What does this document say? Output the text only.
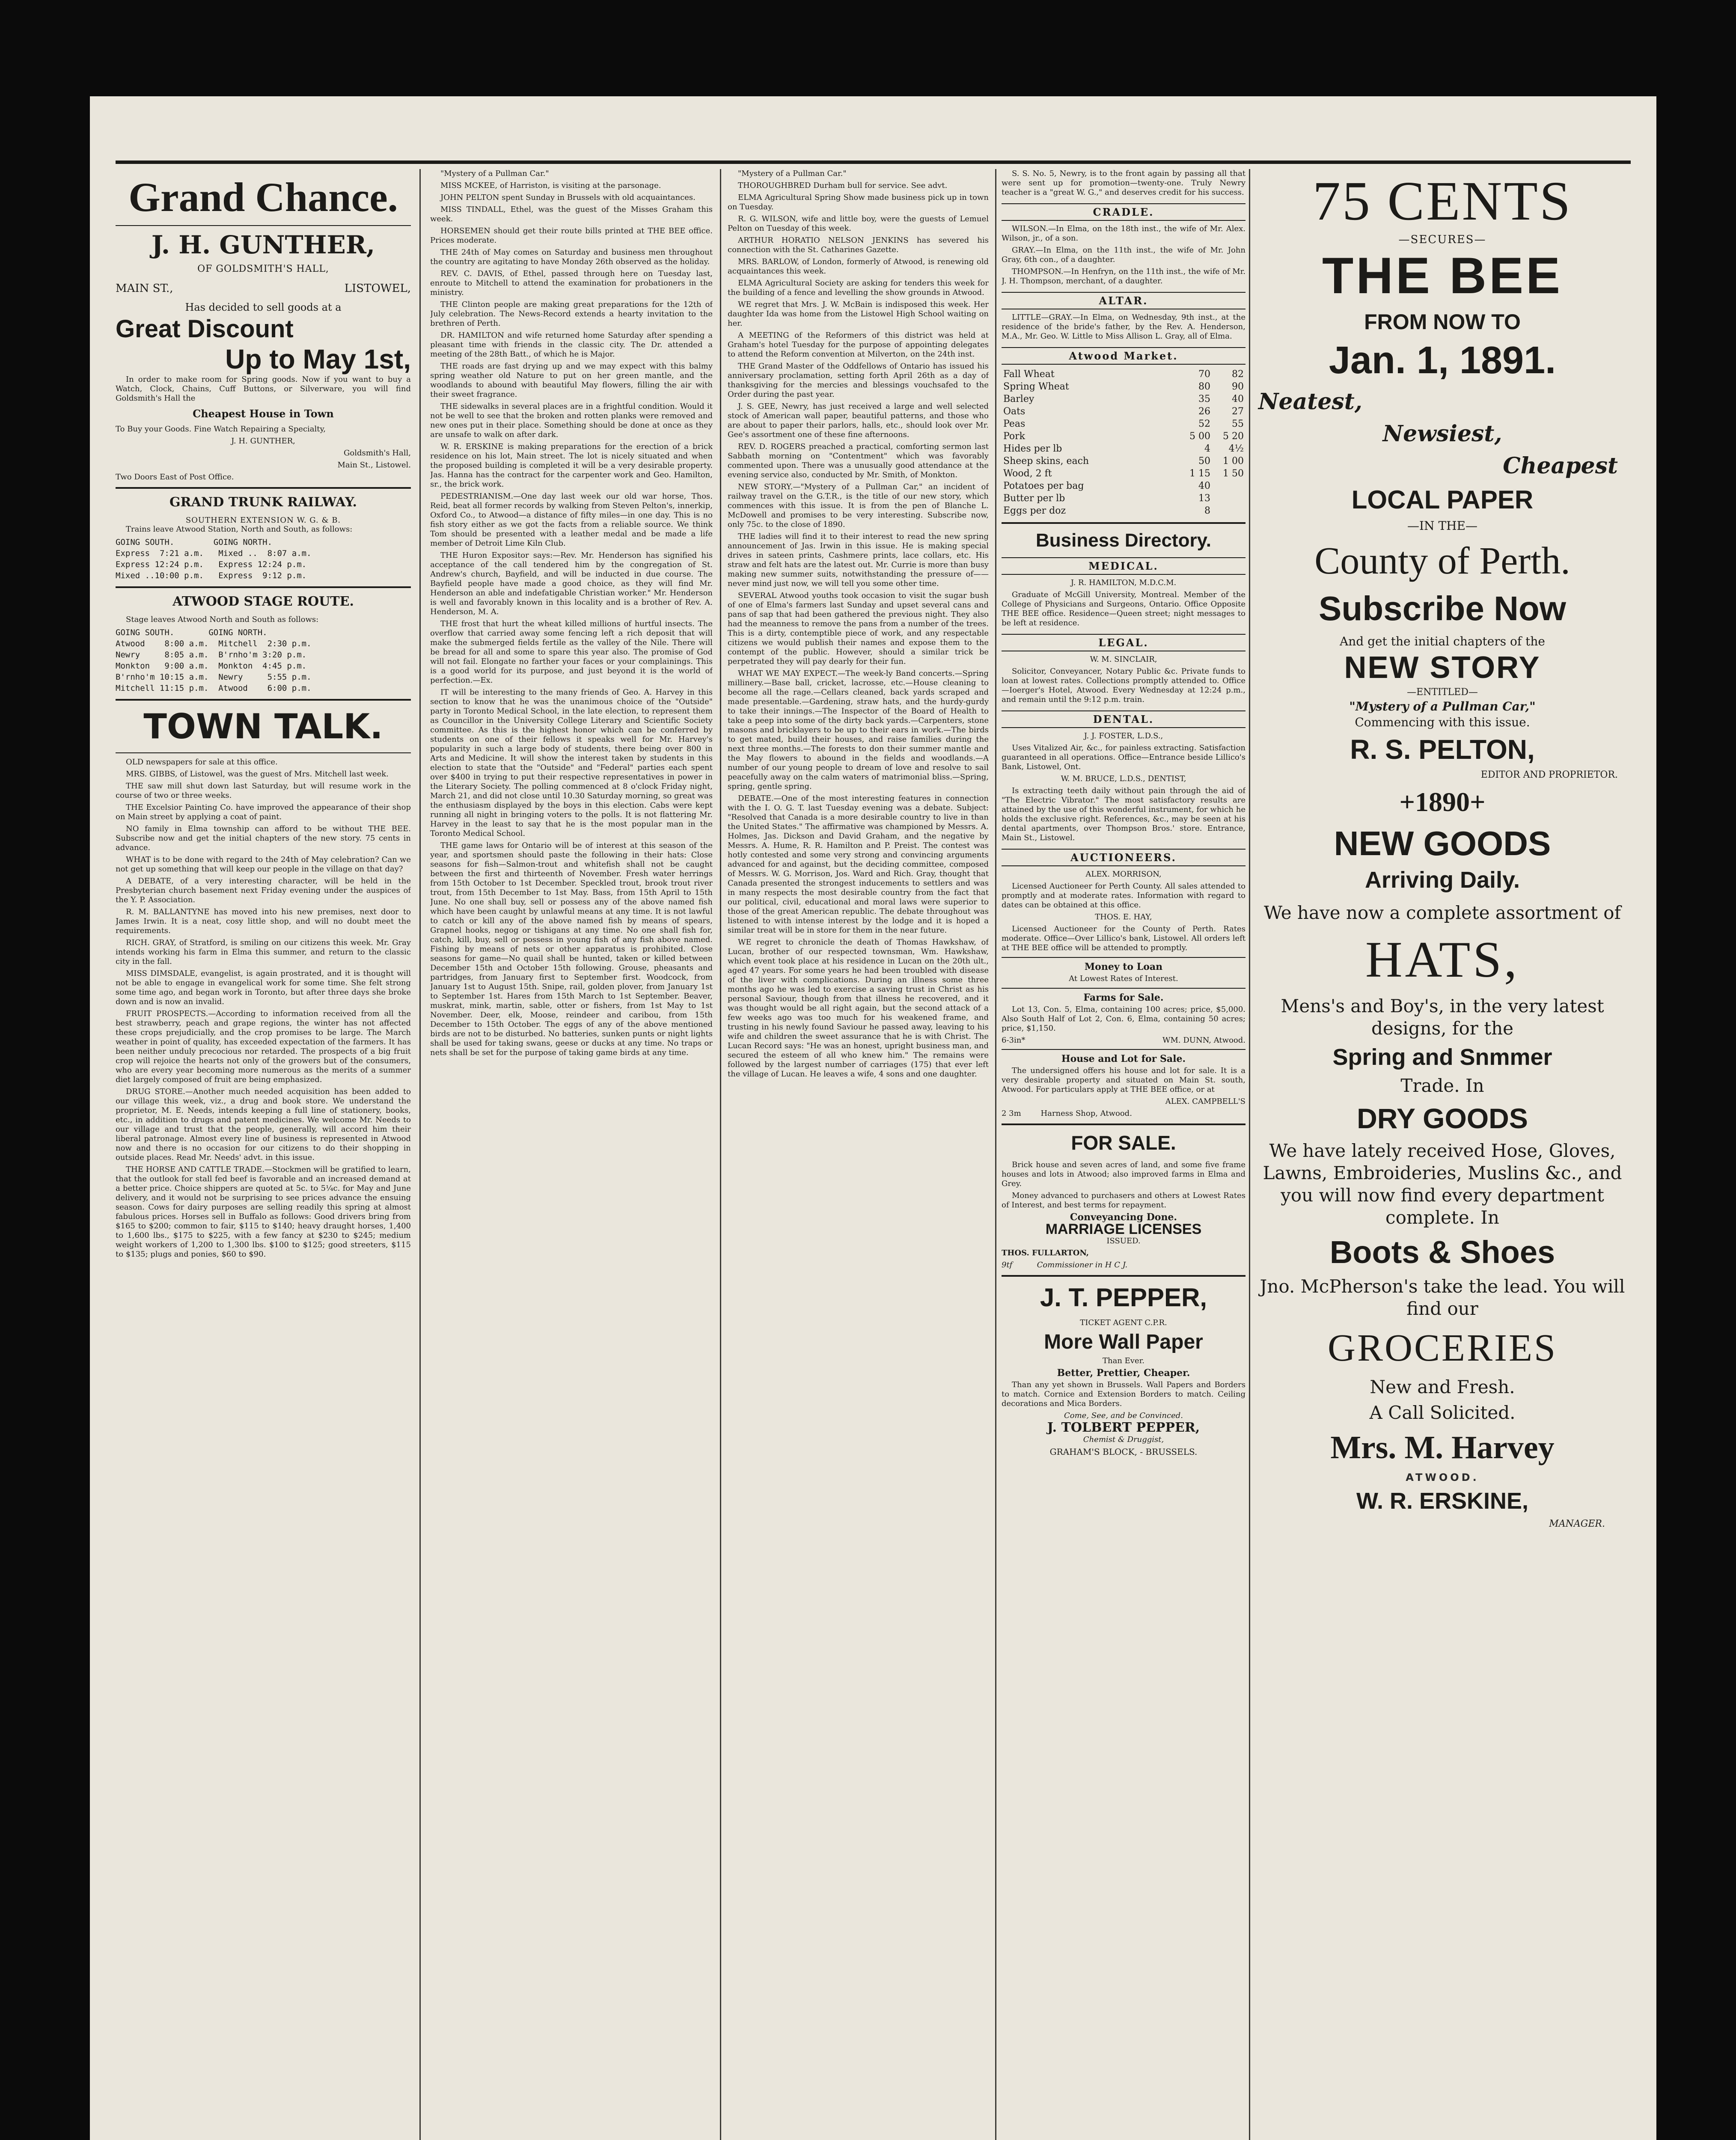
Grand Chance.
J. H. GUNTHER,
OF GOLDSMITH'S HALL,
MAIN ST.,	LISTOWEL,

Has decided to sell goods at a

Great Discount
Up to May 1st,

In order to make room for Spring goods. Now if you want to buy a Watch, Clock, Chains, Cuff Buttons, or Silverware, you will find Goldsmith's Hall the

Cheapest House in Town

To Buy your Goods. Fine Watch Repairing a Specialty,

J. H. GUNTHER,

Goldsmith's Hall,

Main St., Listowel.

Two Doors East of Post Office.

GRAND TRUNK RAILWAY.
SOUTHERN EXTENSION W. G. & B.

Trains leave Atwood Station, North and South, as follows:

GOING SOUTH.        GOING NORTH.
Express  7:21 a.m.   Mixed ..  8:07 a.m.
Express 12:24 p.m.   Express 12:24 p.m.
Mixed ..10:00 p.m.   Express  9:12 p.m.
ATWOOD STAGE ROUTE.

Stage leaves Atwood North and South as follows:

GOING SOUTH.       GOING NORTH.
Atwood    8:00 a.m.  Mitchell  2:30 p.m.
Newry     8:05 a.m.  B'rnho'm 3:20 p.m.
Monkton   9:00 a.m.  Monkton  4:45 p.m.
B'rnho'm 10:15 a.m.  Newry     5:55 p.m.
Mitchell 11:15 p.m.  Atwood    6:00 p.m.
TOWN TALK.

OLD newspapers for sale at this office.

MRS. GIBBS, of Listowel, was the guest of Mrs. Mitchell last week.

THE saw mill shut down last Saturday, but will resume work in the course of two or three weeks.

THE Excelsior Painting Co. have improved the appearance of their shop on Main street by applying a coat of paint.

NO family in Elma township can afford to be without THE BEE. Subscribe now and get the initial chapters of the new story. 75 cents in advance.

WHAT is to be done with regard to the 24th of May celebration? Can we not get up something that will keep our people in the village on that day?

A DEBATE, of a very interesting character, will be held in the Presbyterian church basement next Friday evening under the auspices of the Y. P. Association.

R. M. BALLANTYNE has moved into his new premises, next door to James Irwin. It is a neat, cosy little shop, and will no doubt meet the requirements.

RICH. GRAY, of Stratford, is smiling on our citizens this week. Mr. Gray intends working his farm in Elma this summer, and return to the classic city in the fall.

MISS DIMSDALE, evangelist, is again prostrated, and it is thought will not be able to engage in evangelical work for some time. She felt strong some time ago, and began work in Toronto, but after three days she broke down and is now an invalid.

FRUIT PROSPECTS.—According to information received from all the best strawberry, peach and grape regions, the winter has not affected these crops prejudicially, and the crop promises to be large. The March weather in point of quality, has exceeded expectation of the farmers. It has been neither unduly precocious nor retarded. The prospects of a big fruit crop will rejoice the hearts not only of the growers but of the consumers, who are every year becoming more numerous as the merits of a summer diet largely composed of fruit are being emphasized.

DRUG STORE.—Another much needed acquisition has been added to our village this week, viz., a drug and book store. We understand the proprietor, M. E. Needs, intends keeping a full line of stationery, books, etc., in addition to drugs and patent medicines. We welcome Mr. Needs to our village and trust that the people, generally, will accord him their liberal patronage. Almost every line of business is represented in Atwood now and there is no occasion for our citizens to do their shopping in outside places. Read Mr. Needs' advt. in this issue.

THE HORSE AND CATTLE TRADE.—Stockmen will be gratified to learn, that the outlook for stall fed beef is favorable and an increased demand at a better price. Choice shippers are quoted at 5c. to 5¼c. for May and June delivery, and it would not be surprising to see prices advance the ensuing season. Cows for dairy purposes are selling readily this spring at almost fabulous prices. Horses sell in Buffalo as follows: Good drivers bring from $165 to $200; common to fair, $115 to $140; heavy draught horses, 1,400 to 1,600 lbs., $175 to $225, with a few fancy at $230 to $245; medium weight workers of 1,200 to 1,300 lbs. $100 to $125; good streeters, $115 to $135; plugs and ponies, $60 to $90.

"Mystery of a Pullman Car."

MISS MCKEE, of Harriston, is visiting at the parsonage.

JOHN PELTON spent Sunday in Brussels with old acquaintances.

MISS TINDALL, Ethel, was the guest of the Misses Graham this week.

HORSEMEN should get their route bills printed at THE BEE office. Prices moderate.

THE 24th of May comes on Saturday and business men throughout the country are agitating to have Monday 26th observed as the holiday.

REV. C. DAVIS, of Ethel, passed through here on Tuesday last, enroute to Mitchell to attend the examination for probationers in the ministry.

THE Clinton people are making great preparations for the 12th of July celebration. The News-Record extends a hearty invitation to the brethren of Perth.

DR. HAMILTON and wife returned home Saturday after spending a pleasant time with friends in the classic city. The Dr. attended a meeting of the 28th Batt., of which he is Major.

THE roads are fast drying up and we may expect with this balmy spring weather old Nature to put on her green mantle, and the woodlands to abound with beautiful May flowers, filling the air with their sweet fragrance.

THE sidewalks in several places are in a frightful condition. Would it not be well to see that the broken and rotten planks were removed and new ones put in their place. Something should be done at once as they are unsafe to walk on after dark.

W. R. ERSKINE is making preparations for the erection of a brick residence on his lot, Main street. The lot is nicely situated and when the proposed building is completed it will be a very desirable property. Jas. Hanna has the contract for the carpenter work and Geo. Hamilton, sr., the brick work.

PEDESTRIANISM.—One day last week our old war horse, Thos. Reid, beat all former records by walking from Steven Pelton's, innerkip, Oxford Co., to Atwood—a distance of fifty miles—in one day. This is no fish story either as we got the facts from a reliable source. We think Tom should be presented with a leather medal and be made a life member of Detroit Lime Kiln Club.

THE Huron Expositor says:—Rev. Mr. Henderson has signified his acceptance of the call tendered him by the congregation of St. Andrew's church, Bayfield, and will be inducted in due course. The Bayfield people have made a good choice, as they will find Mr. Henderson an able and indefatigable Christian worker." Mr. Henderson is well and favorably known in this locality and is a brother of Rev. A. Henderson, M. A.

THE frost that hurt the wheat killed millions of hurtful insects. The overflow that carried away some fencing left a rich deposit that will make the submerged fields fertile as the valley of the Nile. There will be bread for all and some to spare this year also. The promise of God will not fail. Elongate no farther your faces or your complainings. This is a good world for its purpose, and just beyond it is the world of perfection.—Ex.

IT will be interesting to the many friends of Geo. A. Harvey in this section to know that he was the unanimous choice of the "Outside" party in Toronto Medical School, in the late election, to represent them as Councillor in the University College Literary and Scientific Society committee. As this is the highest honor which can be conferred by students on one of their fellows it speaks well for Mr. Harvey's popularity in such a large body of students, there being over 800 in Arts and Medicine. It will show the interest taken by students in this election to state that the "Outside" and "Federal" parties each spent over $400 in trying to put their respective representatives in power in the Literary Society. The polling commenced at 8 o'clock Friday night, March 21, and did not close until 10.30 Saturday morning, so great was the enthusiasm displayed by the boys in this election. Cabs were kept running all night in bringing voters to the polls. It is not flattering Mr. Harvey in the least to say that he is the most popular man in the Toronto Medical School.

THE game laws for Ontario will be of interest at this season of the year, and sportsmen should paste the following in their hats: Close seasons for fish—Salmon-trout and whitefish shall not be caught between the first and thirteenth of November. Fresh water herrings from 15th October to 1st December. Speckled trout, brook trout river trout, from 15th December to 1st May. Bass, from 15th April to 15th June. No one shall buy, sell or possess any of the above named fish which have been caught by unlawful means at any time. It is not lawful to catch or kill any of the above named fish by means of spears, Grapnel hooks, negog or tishigans at any time. No one shall fish for, catch, kill, buy, sell or possess in young fish of any fish above named. Fishing by means of nets or other apparatus is prohibited. Close seasons for game—No quail shall be hunted, taken or killed between December 15th and October 15th following. Grouse, pheasants and partridges, from January first to September first. Woodcock, from January 1st to August 15th. Snipe, rail, golden plover, from January 1st to September 1st. Hares from 15th March to 1st September. Beaver, muskrat, mink, martin, sable, otter or fishers, from 1st May to 1st November. Deer, elk, Moose, reindeer and caribou, from 15th December to 15th October. The eggs of any of the above mentioned birds are not to be disturbed. No batteries, sunken punts or night lights shall be used for taking swans, geese or ducks at any time. No traps or nets shall be set for the purpose of taking game birds at any time.

"Mystery of a Pullman Car."

THOROUGHBRED Durham bull for service. See advt.

ELMA Agricultural Spring Show made business pick up in town on Tuesday.

R. G. WILSON, wife and little boy, were the guests of Lemuel Pelton on Tuesday of this week.

ARTHUR HORATIO NELSON JENKINS has severed his connection with the St. Catharines Gazette.

MRS. BARLOW, of London, formerly of Atwood, is renewing old acquaintances this week.

ELMA Agricultural Society are asking for tenders this week for the building of a fence and levelling the show grounds in Atwood.

WE regret that Mrs. J. W. McBain is indisposed this week. Her daughter Ida was home from the Listowel High School waiting on her.

A MEETING of the Reformers of this district was held at Graham's hotel Tuesday for the purpose of appointing delegates to attend the Reform convention at Milverton, on the 24th inst.

THE Grand Master of the Oddfellows of Ontario has issued his anniversary proclamation, setting forth April 26th as a day of thanksgiving for the mercies and blessings vouchsafed to the Order during the past year.

J. S. GEE, Newry, has just received a large and well selected stock of American wall paper, beautiful patterns, and those who are about to paper their parlors, halls, etc., should look over Mr. Gee's assortment one of these fine afternoons.

REV. D. ROGERS preached a practical, comforting sermon last Sabbath morning on "Contentment" which was favorably commented upon. There was a unusually good attendance at the evening service also, conducted by Mr. Smith, of Monkton.

NEW STORY.—"Mystery of a Pullman Car," an incident of railway travel on the G.T.R., is the title of our new story, which commences with this issue. It is from the pen of Blanche L. McDowell and promises to be very interesting. Subscribe now, only 75c. to the close of 1890.

THE ladies will find it to their interest to read the new spring announcement of Jas. Irwin in this issue. He is making special drives in sateen prints, Cashmere prints, lace collars, etc. His straw and felt hats are the latest out. Mr. Currie is more than busy making new summer suits, notwithstanding the pressure of——never mind just now, we will tell you some other time.

SEVERAL Atwood youths took occasion to visit the sugar bush of one of Elma's farmers last Sunday and upset several cans and pans of sap that had been gathered the previous night. They also had the meanness to remove the pans from a number of the trees. This is a dirty, contemptible piece of work, and any respectable citizens we would publish their names and expose them to the contempt of the public. However, should a similar trick be perpetrated they will pay dearly for their fun.

WHAT WE MAY EXPECT.—The week-ly Band concerts.—Spring millinery.—Base ball, cricket, lacrosse, etc.—House cleaning to become all the rage.—Cellars cleaned, back yards scraped and made presentable.—Gardening, straw hats, and the hurdy-gurdy to take their innings.—The Inspector of the Board of Health to take a peep into some of the dirty back yards.—Carpenters, stone masons and bricklayers to be up to their ears in work.—The birds to get mated, build their houses, and raise families during the next three months.—The forests to don their summer mantle and the May flowers to abound in the fields and woodlands.—A number of our young people to dream of love and resolve to sail peacefully away on the calm waters of matrimonial bliss.—Spring, spring, gentle spring.

DEBATE.—One of the most interesting features in connection with the I. O. G. T. last Tuesday evening was a debate. Subject: "Resolved that Canada is a more desirable country to live in than the United States." The affirmative was championed by Messrs. A. Holmes, Jas. Dickson and David Graham, and the negative by Messrs. A. Hume, R. R. Hamilton and P. Preist. The contest was hotly contested and some very strong and convincing arguments advanced for and against, but the deciding committee, composed of Messrs. W. G. Morrison, Jos. Ward and Rich. Gray, thought that Canada presented the strongest inducements to settlers and was in many respects the most desirable country from the fact that our political, civil, educational and moral laws were superior to those of the great American republic. The debate throughout was listened to with intense interest by the lodge and it is hoped a similar treat will be in store for them in the near future.

WE regret to chronicle the death of Thomas Hawkshaw, of Lucan, brother of our respected townsman, Wm. Hawkshaw, which event took place at his residence in Lucan on the 20th ult., aged 47 years. For some years he had been troubled with disease of the liver with complications. During an illness some three months ago he was led to exercise a saving trust in Christ as his personal Saviour, though from that illness he recovered, and it was thought would be all right again, but the second attack of a few weeks ago was too much for his weakened frame, and trusting in his newly found Saviour he passed away, leaving to his wife and children the sweet assurance that he is with Christ. The Lucan Record says: "He was an honest, upright business man, and secured the esteem of all who knew him." The remains were followed by the largest number of carriages (175) that ever left the village of Lucan. He leaves a wife, 4 sons and one daughter.

S. S. No. 5, Newry, is to the front again by passing all that were sent up for promotion—twenty-one. Truly Newry teacher is a "great W. G.," and deserves credit for his success.

CRADLE.

WILSON.—In Elma, on the 18th inst., the wife of Mr. Alex. Wilson, jr., of a son.

GRAY.—In Elma, on the 11th inst., the wife of Mr. John Gray, 6th con., of a daughter.

THOMPSON.—In Henfryn, on the 11th inst., the wife of Mr. J. H. Thompson, merchant, of a daughter.

ALTAR.

LITTLE—GRAY.—In Elma, on Wednesday, 9th inst., at the residence of the bride's father, by the Rev. A. Henderson, M.A., Mr. Geo. W. Little to Miss Allison L. Gray, all of Elma.

Atwood Market.
Fall Wheat	70	82
Spring Wheat	80	90
Barley	35	40
Oats	26	27
Peas	52	55
Pork	5 00	5 20
Hides per lb	4	4½
Sheep skins, each	50	1 00
Wood, 2 ft	1 15	1 50
Potatoes per bag	40	
Butter per lb	13	
Eggs per doz	8	
Business Directory.
MEDICAL.

J. R. HAMILTON, M.D.C.M.

Graduate of McGill University, Montreal. Member of the College of Physicians and Surgeons, Ontario. Office Opposite THE BEE office. Residence—Queen street; night messages to be left at residence.

LEGAL.

W. M. SINCLAIR,

Solicitor, Conveyancer, Notary Public &c. Private funds to loan at lowest rates. Collections promptly attended to. Office—Ioerger's Hotel, Atwood. Every Wednesday at 12:24 p.m., and remain until the 9:12 p.m. train.

DENTAL.

J. J. FOSTER, L.D.S.,

Uses Vitalized Air, &c., for painless extracting. Satisfaction guaranteed in all operations. Office—Entrance beside Lillico's Bank, Listowel, Ont.

W. M. BRUCE, L.D.S., DENTIST,

Is extracting teeth daily without pain through the aid of "The Electric Vibrator." The most satisfactory results are attained by the use of this wonderful instrument, for which he holds the exclusive right. References, &c., may be seen at his dental apartments, over Thompson Bros.' store. Entrance, Main St., Listowel.

AUCTIONEERS.

ALEX. MORRISON,

Licensed Auctioneer for Perth County. All sales attended to promptly and at moderate rates. Information with regard to dates can be obtained at this office.

THOS. E. HAY,

Licensed Auctioneer for the County of Perth. Rates moderate. Office—Over Lillico's bank, Listowel. All orders left at THE BEE office will be attended to promptly.

Money to Loan

At Lowest Rates of Interest.

Farms for Sale.

Lot 13, Con. 5, Elma, containing 100 acres; price, $5,000. Also South Half of Lot 2, Con. 6, Elma, containing 50 acres; price, $1,150.

6-3in*	WM. DUNN, Atwood.

House and Lot for Sale.

The undersigned offers his house and lot for sale. It is a very desirable property and situated on Main St. south, Atwood. For particulars apply at THE BEE office, or at

ALEX. CAMPBELL'S

2 3m        Harness Shop, Atwood.

FOR SALE.

Brick house and seven acres of land, and some five frame houses and lots in Atwood; also improved farms in Elma and Grey.

Money advanced to purchasers and others at Lowest Rates of Interest, and best terms for repayment.

Conveyancing Done.

MARRIAGE LICENSES

ISSUED.

THOS. FULLARTON,

9tf          Commissioner in H C J.

J. T. PEPPER,

TICKET AGENT C.P.R.

More Wall Paper

Than Ever.

Better, Prettier, Cheaper.

Than any yet shown in Brussels. Wall Papers and Borders to match. Cornice and Extension Borders to match. Ceiling decorations and Mica Borders.

Come, See, and be Convinced.

J. TOLBERT PEPPER,

Chemist & Druggist,

GRAHAM'S BLOCK, - BRUSSELS.

75 CENTS
—SECURES—
THE BEE
FROM NOW TO
Jan. 1, 1891.
Neatest,
Newsiest,
Cheapest
LOCAL PAPER
—IN THE—
County of Perth.
Subscribe Now
And get the initial chapters of the
NEW STORY
—ENTITLED—
"Mystery of a Pullman Car,"
Commencing with this issue.
R. S. PELTON,
EDITOR AND PROPRIETOR.
+1890+
NEW GOODS
Arriving Daily.
We have now a complete assortment of
HATS,
Mens's and Boy's, in the very latest designs, for the
Spring and Snmmer
Trade. In
DRY GOODS
We have lately received Hose, Gloves, Lawns, Embroideries, Muslins &c., and you will now find every department complete. In
Boots & Shoes
Jno. McPherson's take the lead. You will find our
GROCERIES
New and Fresh.
A Call Solicited.
Mrs. M. Harvey
ATWOOD.
W. R. ERSKINE,
MANAGER.
